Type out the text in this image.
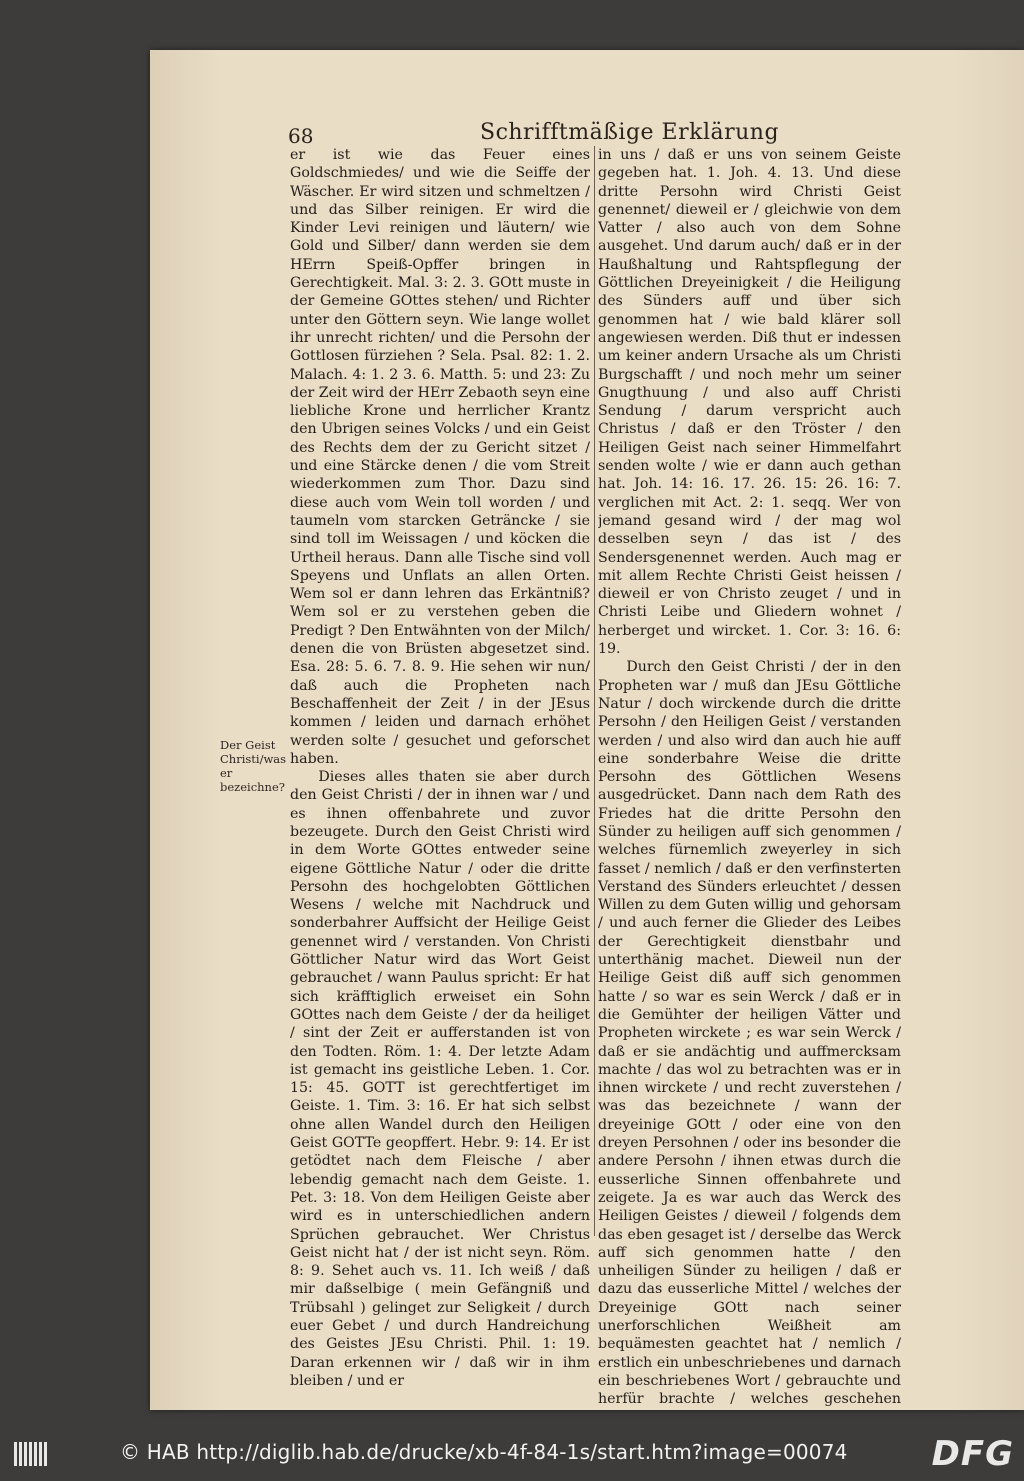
68	Schrifftmäßige Erklärung
Der Geist Christi/was er bezeichne?

er ist wie das Feuer eines Goldschmiedes/ und wie die Seiffe der Wäscher. Er wird sitzen und schmeltzen / und das Silber reinigen. Er wird die Kinder Levi reinigen und läutern/ wie Gold und Silber/ dann werden sie dem HErrn Speiß-Opffer bringen in Gerechtigkeit. Mal. 3: 2. 3. GOtt muste in der Gemeine GOttes stehen/ und Richter unter den Göttern seyn. Wie lange wollet ihr unrecht richten/ und die Persohn der Gottlosen fürziehen ? Sela. Psal. 82: 1. 2. Malach. 4: 1. 2 3. 6. Matth. 5: und 23: Zu der Zeit wird der HErr Zebaoth seyn eine liebliche Krone und herrlicher Krantz den Ubrigen seines Volcks / und ein Geist des Rechts dem der zu Gericht sitzet / und eine Stärcke denen / die vom Streit wiederkommen zum Thor. Dazu sind diese auch vom Wein toll worden / und taumeln vom starcken Geträncke / sie sind toll im Weissagen / und köcken die Urtheil heraus. Dann alle Tische sind voll Speyens und Unflats an allen Orten. Wem sol er dann lehren das Erkäntniß? Wem sol er zu verstehen geben die Predigt ? Den Entwähnten von der Milch/ denen die von Brüsten abgesetzet sind. Esa. 28: 5. 6. 7. 8. 9. Hie sehen wir nun/ daß auch die Propheten nach Beschaffenheit der Zeit / in der JEsus kommen / leiden und darnach erhöhet werden solte / gesuchet und geforschet haben.

Dieses alles thaten sie aber durch den Geist Christi / der in ihnen war / und es ihnen offenbahrete und zuvor bezeugete. Durch den Geist Christi wird in dem Worte GOttes entweder seine eigene Göttliche Natur / oder die dritte Persohn des hochgelobten Göttlichen Wesens / welche mit Nachdruck und sonderbahrer Auffsicht der Heilige Geist genennet wird / verstanden. Von Christi Göttlicher Natur wird das Wort Geist gebrauchet / wann Paulus spricht: Er hat sich kräfftiglich erweiset ein Sohn GOttes nach dem Geiste / der da heiliget / sint der Zeit er aufferstanden ist von den Todten. Röm. 1: 4. Der letzte Adam ist gemacht ins geistliche Leben. 1. Cor. 15: 45. GOTT ist gerechtfertiget im Geiste. 1. Tim. 3: 16. Er hat sich selbst ohne allen Wandel durch den Heiligen Geist GOTTe geopffert. Hebr. 9: 14. Er ist getödtet nach dem Fleische / aber lebendig gemacht nach dem Geiste. 1. Pet. 3: 18. Von dem Heiligen Geiste aber wird es in unterschiedlichen andern Sprüchen gebrauchet. Wer Christus Geist nicht hat / der ist nicht seyn. Röm. 8: 9. Sehet auch vs. 11. Ich weiß / daß mir daßselbige ( mein Gefängniß und Trübsahl ) gelinget zur Seligkeit / durch euer Gebet / und durch Handreichung des Geistes JEsu Christi. Phil. 1: 19. Daran erkennen wir / daß wir in ihm bleiben / und er

in uns / daß er uns von seinem Geiste gegeben hat. 1. Joh. 4. 13. Und diese dritte Persohn wird Christi Geist genennet/ dieweil er / gleichwie von dem Vatter / also auch von dem Sohne ausgehet. Und darum auch/ daß er in der Haußhaltung und Rahtspflegung der Göttlichen Dreyeinigkeit / die Heiligung des Sünders auff und über sich genommen hat / wie bald klärer soll angewiesen werden. Diß thut er indessen um keiner andern Ursache als um Christi Burgschafft / und noch mehr um seiner Gnugthuung / und also auff Christi Sendung / darum verspricht auch Christus / daß er den Tröster / den Heiligen Geist nach seiner Himmelfahrt senden wolte / wie er dann auch gethan hat. Joh. 14: 16. 17. 26. 15: 26. 16: 7. verglichen mit Act. 2: 1. seqq. Wer von jemand gesand wird / der mag wol desselben seyn / das ist / des Sendersgenennet werden. Auch mag er mit allem Rechte Christi Geist heissen / dieweil er von Christo zeuget / und in Christi Leibe und Gliedern wohnet / herberget und wircket. 1. Cor. 3: 16. 6: 19.

Durch den Geist Christi / der in den Propheten war / muß dan JEsu Göttliche Natur / doch wirckende durch die dritte Persohn / den Heiligen Geist / verstanden werden / und also wird dan auch hie auff eine sonderbahre Weise die dritte Persohn des Göttlichen Wesens ausgedrücket. Dann nach dem Rath des Friedes hat die dritte Persohn den Sünder zu heiligen auff sich genommen / welches fürnemlich zweyerley in sich fasset / nemlich / daß er den verfinsterten Verstand des Sünders erleuchtet / dessen Willen zu dem Guten willig und gehorsam / und auch ferner die Glieder des Leibes der Gerechtigkeit dienstbahr und unterthänig machet. Dieweil nun der Heilige Geist diß auff sich genommen hatte / so war es sein Werck / daß er in die Gemühter der heiligen Vätter und Propheten wirckete ; es war sein Werck / daß er sie andächtig und auffmercksam machte / das wol zu betrachten was er in ihnen wirckete / und recht zuverstehen / was das bezeichnete / wann der dreyeinige GOtt / oder eine von den dreyen Persohnen / oder ins besonder die andere Persohn / ihnen etwas durch die eusserliche Sinnen offenbahrete und zeigete. Ja es war auch das Werck des Heiligen Geistes / dieweil / folgends dem das eben gesaget ist / derselbe das Werck auff sich genommen hatte / den unheiligen Sünder zu heiligen / daß er dazu das eusserliche Mittel / welches der Dreyeinige GOtt nach seiner unerforschlichen Weißheit am bequämesten geachtet hat / nemlich / erstlich ein unbeschriebenes und darnach ein beschriebenes Wort / gebrauchte und herfür brachte / welches geschehen

© HAB http://diglib.hab.de/drucke/xb-4f-84-1s/start.htm?image=00074 DFG
